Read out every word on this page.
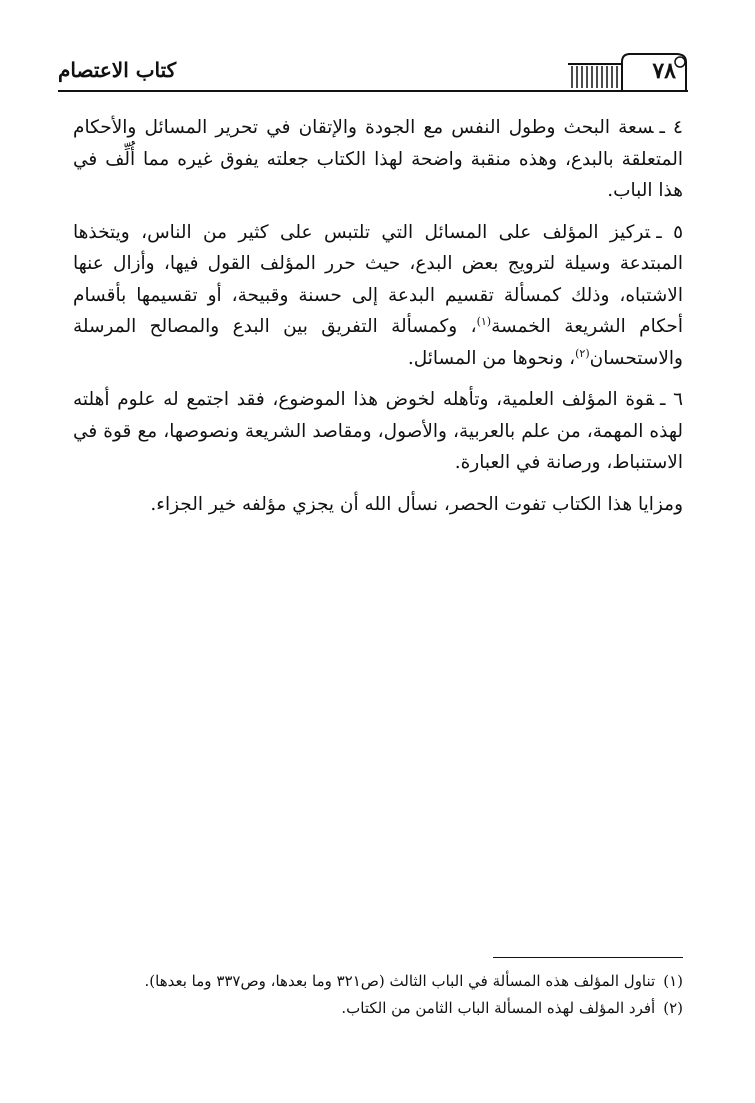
٧٨
كتاب الاعتصام

٤ ـسعة البحث وطول النفس مع الجودة والإتقان في تحرير المسائل والأحكام المتعلقة بالبدع، وهذه منقبة واضحة لهذا الكتاب جعلته يفوق غيره مما أُلِّف في هذا الباب.

٥ ـتركيز المؤلف على المسائل التي تلتبس على كثير من الناس، ويتخذها المبتدعة وسيلة لترويج بعض البدع، حيث حرر المؤلف القول فيها، وأزال عنها الاشتباه، وذلك كمسألة تقسيم البدعة إلى حسنة وقبيحة، أو تقسيمها بأقسام أحكام الشريعة الخمسة$^{(١)}$، وكمسألة التفريق بين البدع والمصالح المرسلة والاستحسان$^{(٢)}$، ونحوها من المسائل.

٦ ـقوة المؤلف العلمية، وتأهله لخوض هذا الموضوع، فقد اجتمع له علوم أهلته لهذه المهمة، من علم بالعربية، والأصول، ومقاصد الشريعة ونصوصها، مع قوة في الاستنباط، ورصانة في العبارة.

ومزايا هذا الكتاب تفوت الحصر، نسأل الله أن يجزي مؤلفه خير الجزاء.

(١)تناول المؤلف هذه المسألة في الباب الثالث (ص٣٢١ وما بعدها، وص٣٣٧ وما بعدها).

(٢)أفرد المؤلف لهذه المسألة الباب الثامن من الكتاب.
